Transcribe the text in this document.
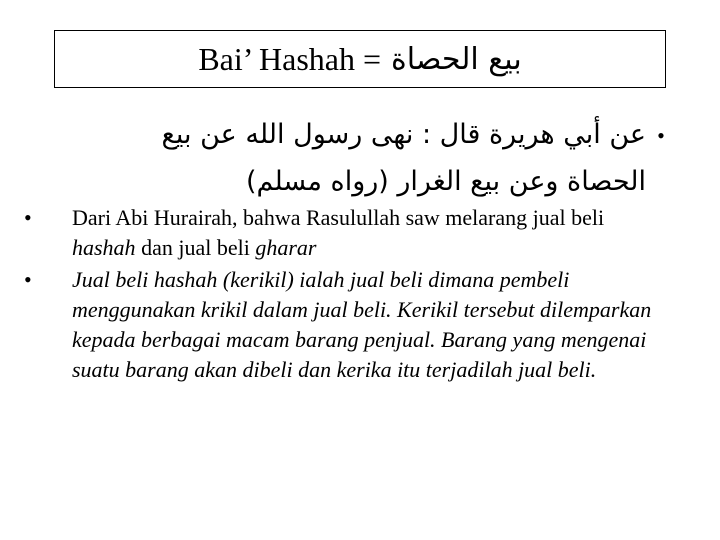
Bai’ Hashah = بيع الحصاة
•عن أبي هريرة قال : نهى رسول الله عن بيع
الحصاة وعن بيع الغرار (رواه مسلم)
•	Dari Abi Hurairah, bahwa Rasulullah saw melarang jual beli hashah dan jual beli gharar
•	Jual beli hashah (kerikil) ialah jual beli dimana pembeli menggunakan krikil dalam jual beli. Kerikil tersebut dilemparkan kepada berbagai macam barang penjual. Barang yang mengenai suatu barang akan dibeli dan kerika itu terjadilah jual beli.
